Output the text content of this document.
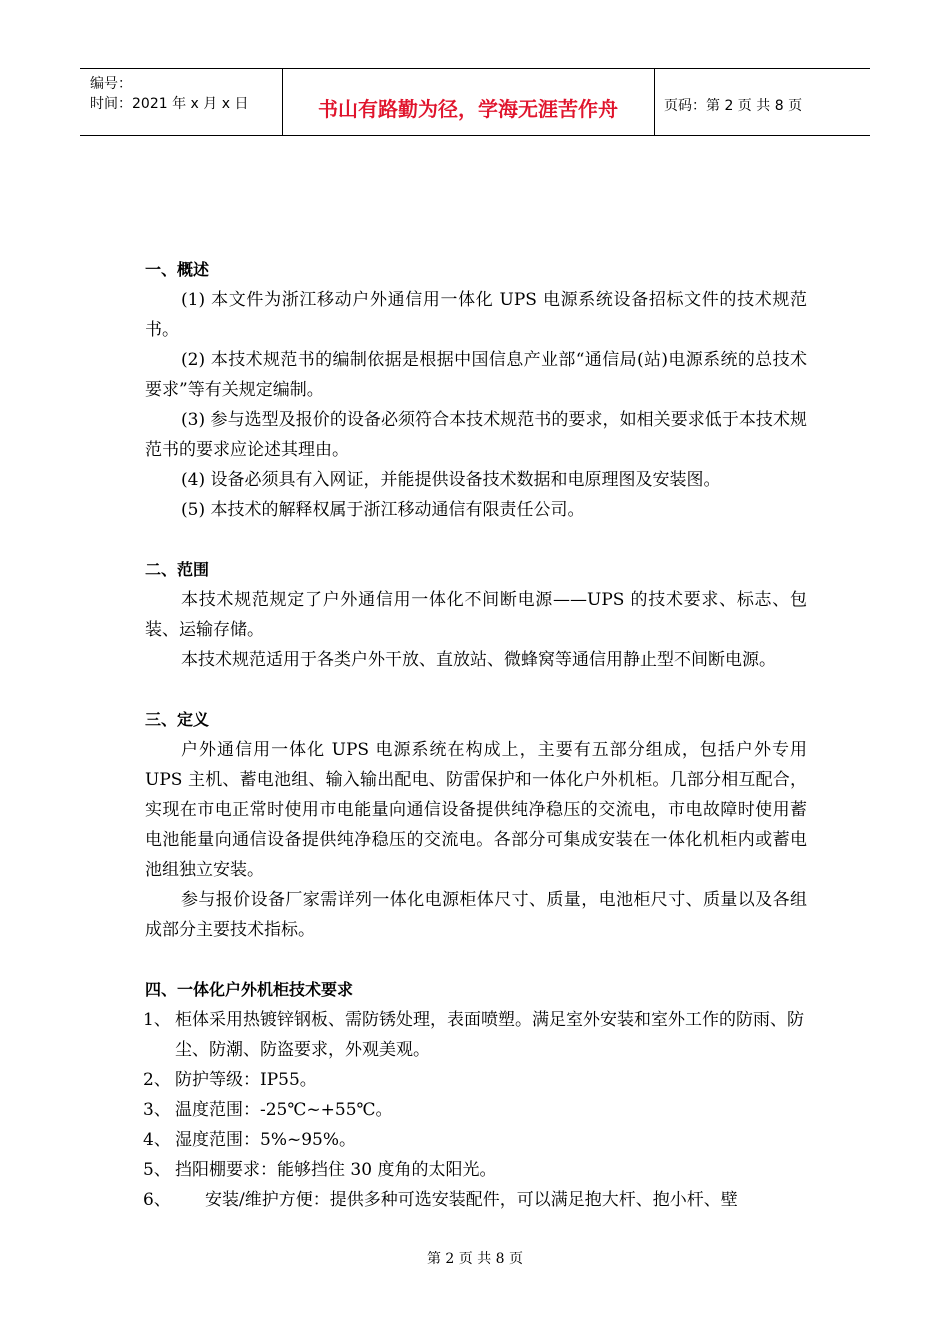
编号：
时间：2021 年 x 月 x 日	书山有路勤为径，学海无涯苦作舟	页码：第 2 页 共 8 页
一、概述

(1) 本文件为浙江移动户外通信用一体化 UPS 电源系统设备招标文件的技术规范书。

(2) 本技术规范书的编制依据是根据中国信息产业部“通信局(站)电源系统的总技术要求”等有关规定编制。

(3) 参与选型及报价的设备必须符合本技术规范书的要求，如相关要求低于本技术规范书的要求应论述其理由。

(4) 设备必须具有入网证，并能提供设备技术数据和电原理图及安装图。

(5) 本技术的解释权属于浙江移动通信有限责任公司。

二、范围

本技术规范规定了户外通信用一体化不间断电源——UPS 的技术要求、标志、包装、运输存储。

本技术规范适用于各类户外干放、直放站、微蜂窝等通信用静止型不间断电源。

三、定义

户外通信用一体化 UPS 电源系统在构成上，主要有五部分组成，包括户外专用 UPS 主机、蓄电池组、输入输出配电、防雷保护和一体化户外机柜。几部分相互配合，实现在市电正常时使用市电能量向通信设备提供纯净稳压的交流电，市电故障时使用蓄电池能量向通信设备提供纯净稳压的交流电。各部分可集成安装在一体化机柜内或蓄电池组独立安装。

参与报价设备厂家需详列一体化电源柜体尺寸、质量，电池柜尺寸、质量以及各组成部分主要技术指标。

四、一体化户外机柜技术要求
1、 柜体采用热镀锌钢板、需防锈处理，表面喷塑。满足室外安装和室外工作的防雨、防尘、防潮、防盗要求，外观美观。
2、 防护等级：IP55。
3、 温度范围：-25℃~+55℃。
4、 湿度范围：5%~95%。
5、 挡阳棚要求：能够挡住 30 度角的太阳光。
6、 安装/维护方便：提供多种可选安装配件，可以满足抱大杆、抱小杆、壁
第 2 页 共 8 页
